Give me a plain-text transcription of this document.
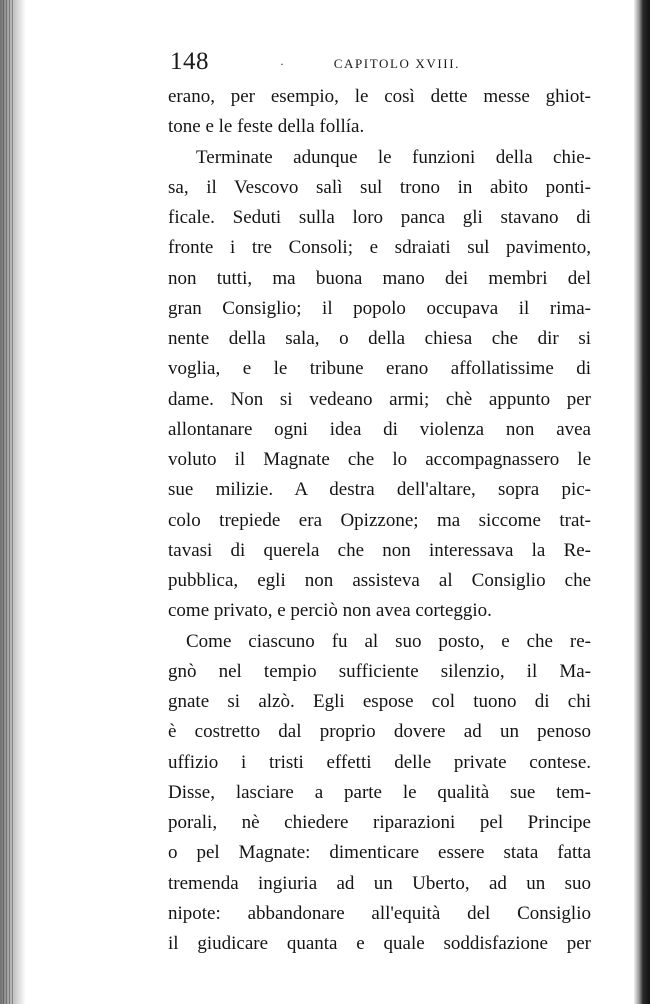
148	·	CAPITOLO XVIII.
erano, per esempio, le così dette messe ghiot-
tone e le feste della follía.
Terminate adunque le funzioni della chie-
sa, il Vescovo salì sul trono in abito ponti-
ficale. Seduti sulla loro panca gli stavano di
fronte i tre Consoli; e sdraiati sul pavimento,
non tutti, ma buona mano dei membri del
gran Consiglio; il popolo occupava il rima-
nente della sala, o della chiesa che dir si
voglia, e le tribune erano affollatissime di
dame. Non si vedeano armi; chè appunto per
allontanare ogni idea di violenza non avea
voluto il Magnate che lo accompagnassero le
sue milizie. A destra dell'altare, sopra pic-
colo trepiede era Opizzone; ma siccome trat-
tavasi di querela che non interessava la Re-
pubblica, egli non assisteva al Consiglio che
come privato, e perciò non avea corteggio.
Come ciascuno fu al suo posto, e che re-
gnò nel tempio sufficiente silenzio, il Ma-
gnate si alzò. Egli espose col tuono di chi
è costretto dal proprio dovere ad un penoso
uffizio i tristi effetti delle private contese.
Disse, lasciare a parte le qualità sue tem-
porali, nè chiedere riparazioni pel Principe
o pel Magnate: dimenticare essere stata fatta
tremenda ingiuria ad un Uberto, ad un suo
nipote: abbandonare all'equità del Consiglio
il giudicare quanta e quale soddisfazione per
